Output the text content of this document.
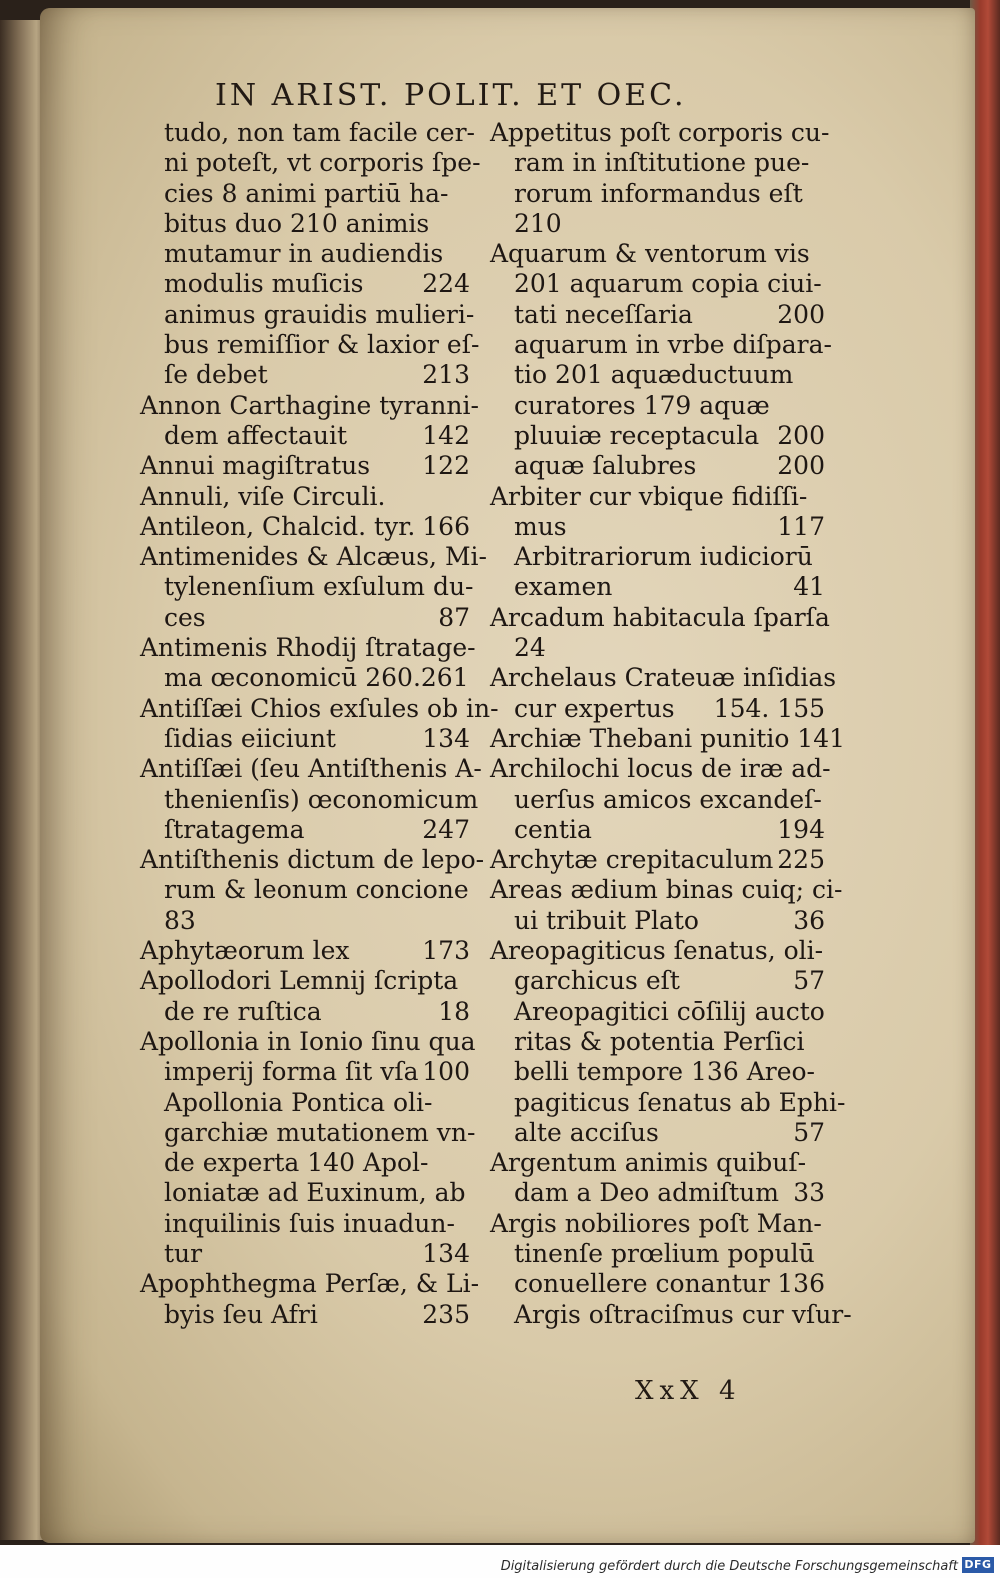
IN ARIST. POLIT. ET OEC.
tudo, non tam facile cer-
ni poteſt, vt corporis ſpe-
cies 8 animi partiū ha-
bitus duo 210 animis
mutamur in audiendis
modulis muſicis 224
animus grauidis mulieri-
bus remiſſior & laxior eſ-
ſe debet	213
Annon Carthagine tyranni-
dem affectauit	142
Annui magiſtratus 122
Annuli, viſe Circuli.
Antileon, Chalcid. tyr. 166
Antimenides & Alcæus, Mi-
tylenenſium exſulum du-
ces	87
Antimenis Rhodij ſtratage-
ma œconomicū 260.261
Antiſſæi Chios exſules ob in-
ſidias eiiciunt	134
Antiſſæi (ſeu Antiſthenis A-
thenienſis) œconomicum
ſtratagema	247
Antiſthenis dictum de lepo-
rum & leonum concione
83
Aphytæorum lex	173
Apollodori Lemnij ſcripta
de re ruſtica	18
Apollonia in Ionio ſinu qua
imperij forma ſit vſa 100
Apollonia Pontica oli-
garchiæ mutationem vn-
de experta 140 Apol-
loniatæ ad Euxinum, ab
inquilinis ſuis inuadun-
tur	134
Apophthegma Perſæ, & Li-
byis ſeu Afri	235
Appetitus poſt corporis cu-
ram in inſtitutione pue-
rorum informandus eſt
210
Aquarum & ventorum vis
201 aquarum copia ciui-
tati neceſſaria	200
aquarum in vrbe diſpara-
tio 201 aquæductuum
curatores 179 aquæ
pluuiæ receptacula 200
aquæ ſalubres	200
Arbiter cur vbique fidiſſi-
mus	117
Arbitrariorum iudiciorū
examen	41
Arcadum habitacula ſparſa
24
Archelaus Crateuæ inſidias
cur expertus 154. 155
Archiæ Thebani punitio 141
Archilochi locus de iræ ad-
uerſus amicos excandeſ-
centia	194
Archytæ crepitaculum 225
Areas ædium binas cuiq; ci-
ui tribuit Plato	36
Areopagiticus ſenatus, oli-
garchicus eſt	57
Areopagitici cōſilij aucto
ritas & potentia Perſici
belli tempore 136 Areo-
pagiticus ſenatus ab Ephi-
alte acciſus	57
Argentum animis quibuſ-
dam a Deo admiſtum 33
Argis nobiliores poſt Man-
tinenſe prœlium populū
conuellere conantur 136
Argis oſtraciſmus cur vſur-
XxX 4
Digitalisierung gefördert durch die Deutsche Forschungsgemeinschaft DFG
